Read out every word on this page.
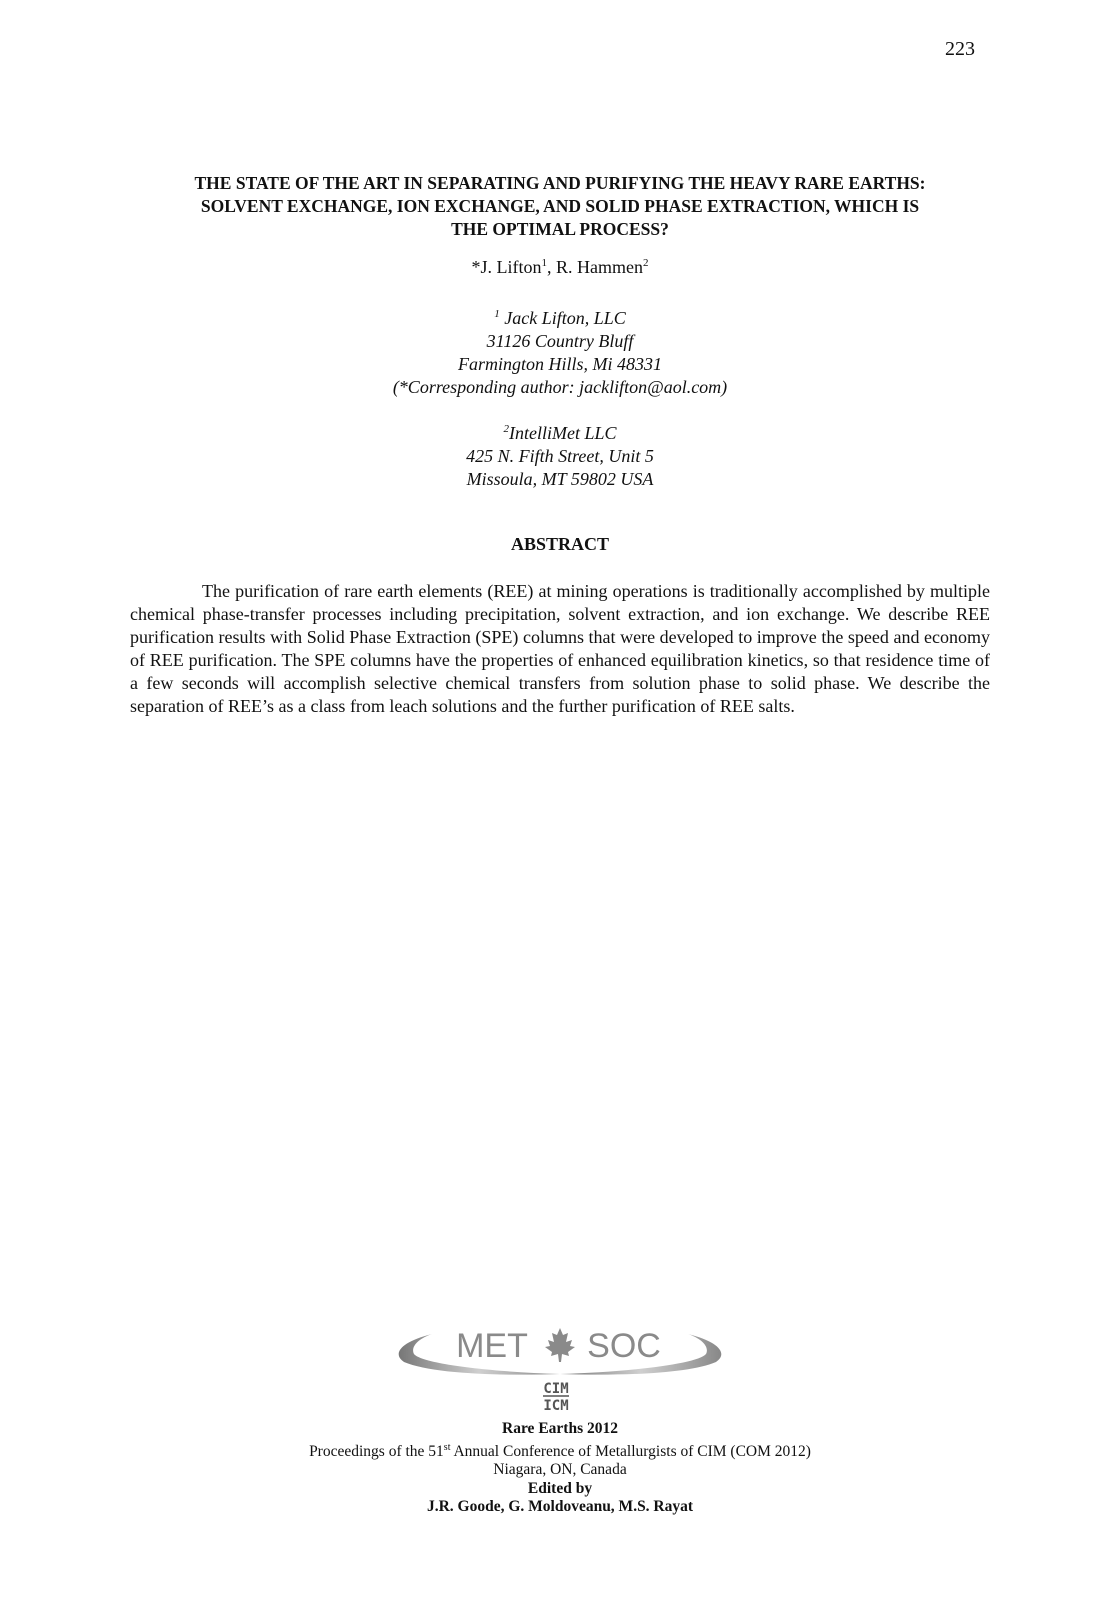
223
THE STATE OF THE ART IN SEPARATING AND PURIFYING THE HEAVY RARE EARTHS:
SOLVENT EXCHANGE, ION EXCHANGE, AND SOLID PHASE EXTRACTION, WHICH IS
THE OPTIMAL PROCESS?
*J. Lifton$^1$, R. Hammen$^2$
$^1$ Jack Lifton, LLC
31126 Country Bluff
Farmington Hills, Mi 48331
(*Corresponding author: jacklifton@aol.com)
$^2$IntelliMet LLC
425 N. Fifth Street, Unit 5
Missoula, MT 59802 USA
ABSTRACT

The purification of rare earth elements (REE) at mining operations is traditionally accomplished by multiple chemical phase-transfer processes including precipitation, solvent extraction, and ion exchange. We describe REE purification results with Solid Phase Extraction (SPE) columns that were developed to improve the speed and economy of REE purification. The SPE columns have the properties of enhanced equilibration kinetics, so that residence time of a few seconds will accomplish selective chemical transfers from solution phase to solid phase. We describe the separation of REE’s as a class from leach solutions and the further purification of REE salts.

MET SOC
CIM
ICM
Rare Earths 2012
Proceedings of the 51st Annual Conference of Metallurgists of CIM (COM 2012)
Niagara, ON, Canada
Edited by
J.R. Goode, G. Moldoveanu, M.S. Rayat
